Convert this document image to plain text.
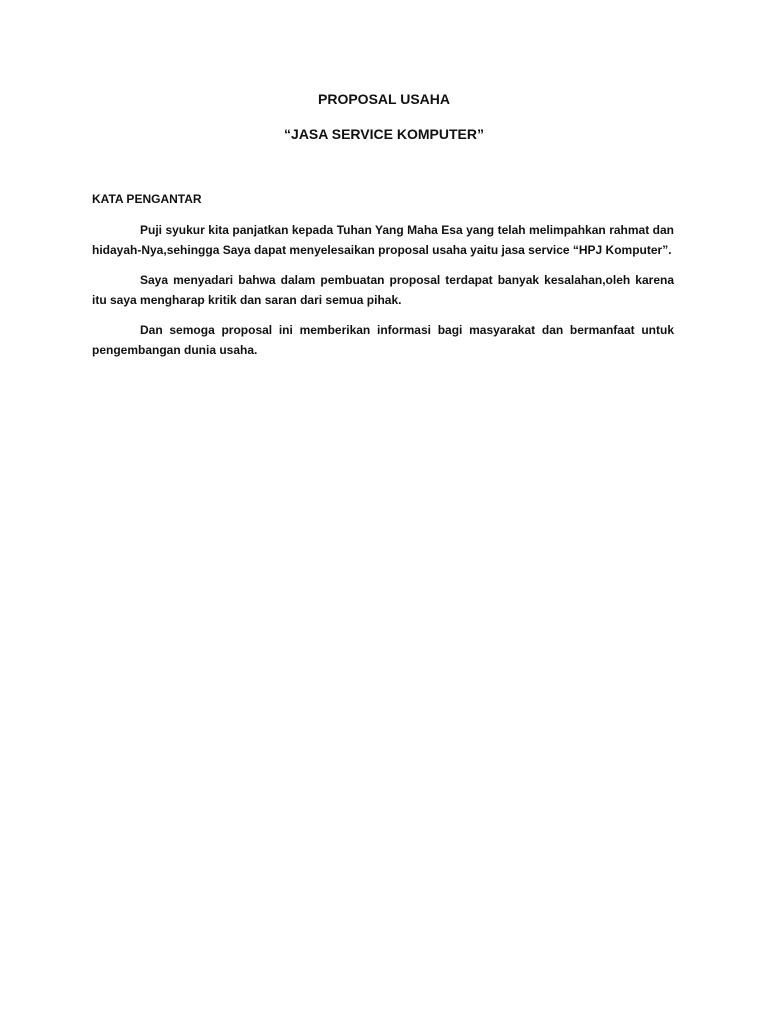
PROPOSAL USAHA
“JASA SERVICE KOMPUTER”
KATA PENGANTAR

Puji syukur kita panjatkan kepada Tuhan Yang Maha Esa yang telah melimpahkan rahmat dan hidayah-Nya,sehingga Saya dapat menyelesaikan proposal usaha yaitu jasa service “HPJ Komputer”.

Saya menyadari bahwa dalam pembuatan proposal terdapat banyak kesalahan,oleh karena itu saya mengharap kritik dan saran dari semua pihak.

Dan semoga proposal ini memberikan informasi bagi masyarakat dan bermanfaat untuk pengembangan dunia usaha.
